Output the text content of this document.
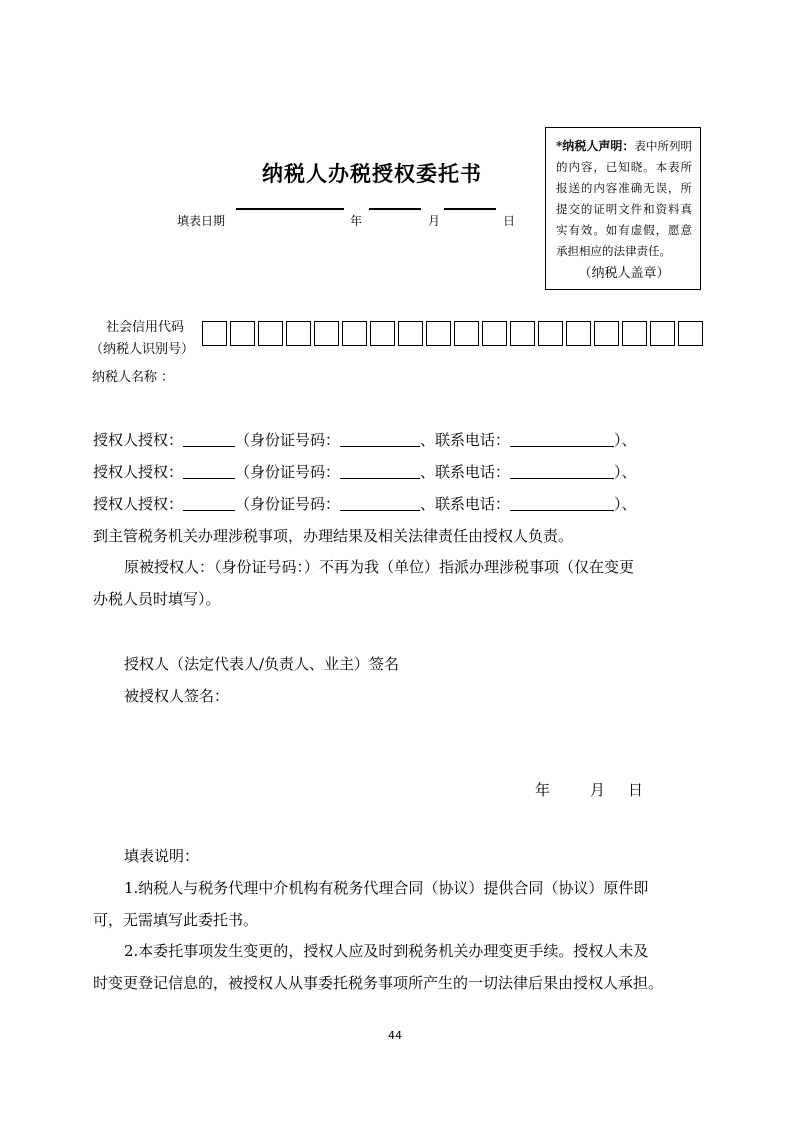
*纳税人声明：表中所列明的内容，已知晓。本表所报送的内容准确无误，所提交的证明文件和资料真实有效。如有虚假，愿意承担相应的法律责任。
（纳税人盖章）
纳税人办税授权委托书
填表日期	年	月	日
社会信用代码
（纳税人识别号）
纳税人名称 ：
授权人授权：	（身份证号码：	、联系电话：	）、
授权人授权：	（身份证号码：	、联系电话：	）、
授权人授权：	（身份证号码：	、联系电话：	）、
到主管税务机关办理涉税事项，办理结果及相关法律责任由授权人负责。
原被授权人：（身份证号码：）不再为我（单位）指派办理涉税事项（仅在变更
办税人员时填写）。
授权人（法定代表人/负责人、业主）签名
被授权人签名：
年	月 日
填表说明：
1.纳税人与税务代理中介机构有税务代理合同（协议）提供合同（协议）原件即
可，无需填写此委托书。
2.本委托事项发生变更的，授权人应及时到税务机关办理变更手续。授权人未及
时变更登记信息的，被授权人从事委托税务事项所产生的一切法律后果由授权人承担。
44
